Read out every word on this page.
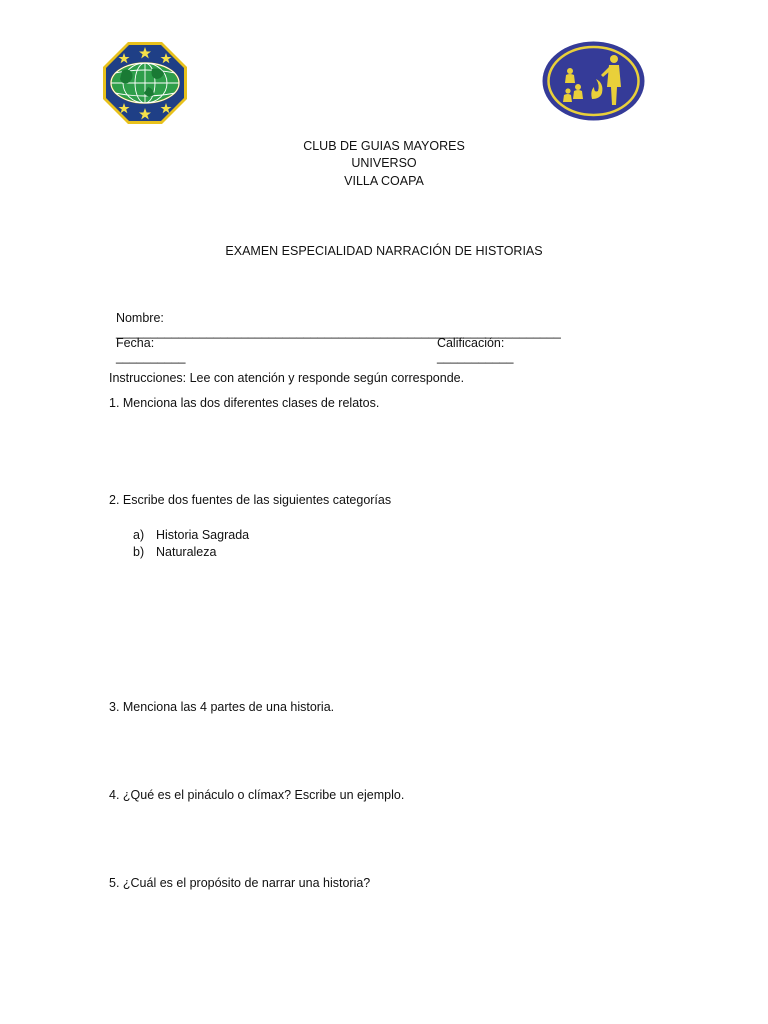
CLUB DE GUIAS MAYORES
UNIVERSO
VILLA COAPA
EXAMEN ESPECIALIDAD NARRACIÓN DE HISTORIAS

Nombre:
________________________________________________________________

Fecha:
__________

Calificación:
___________

Instrucciones: Lee con atención y responde según corresponde.
1. Menciona las dos diferentes clases de relatos.
2. Escribe dos fuentes de las siguientes categorías
a) Historia Sagrada
b) Naturaleza
3. Menciona las 4 partes de una historia.
4. ¿Qué es el pináculo o clímax? Escribe un ejemplo.
5. ¿Cuál es el propósito de narrar una historia?
